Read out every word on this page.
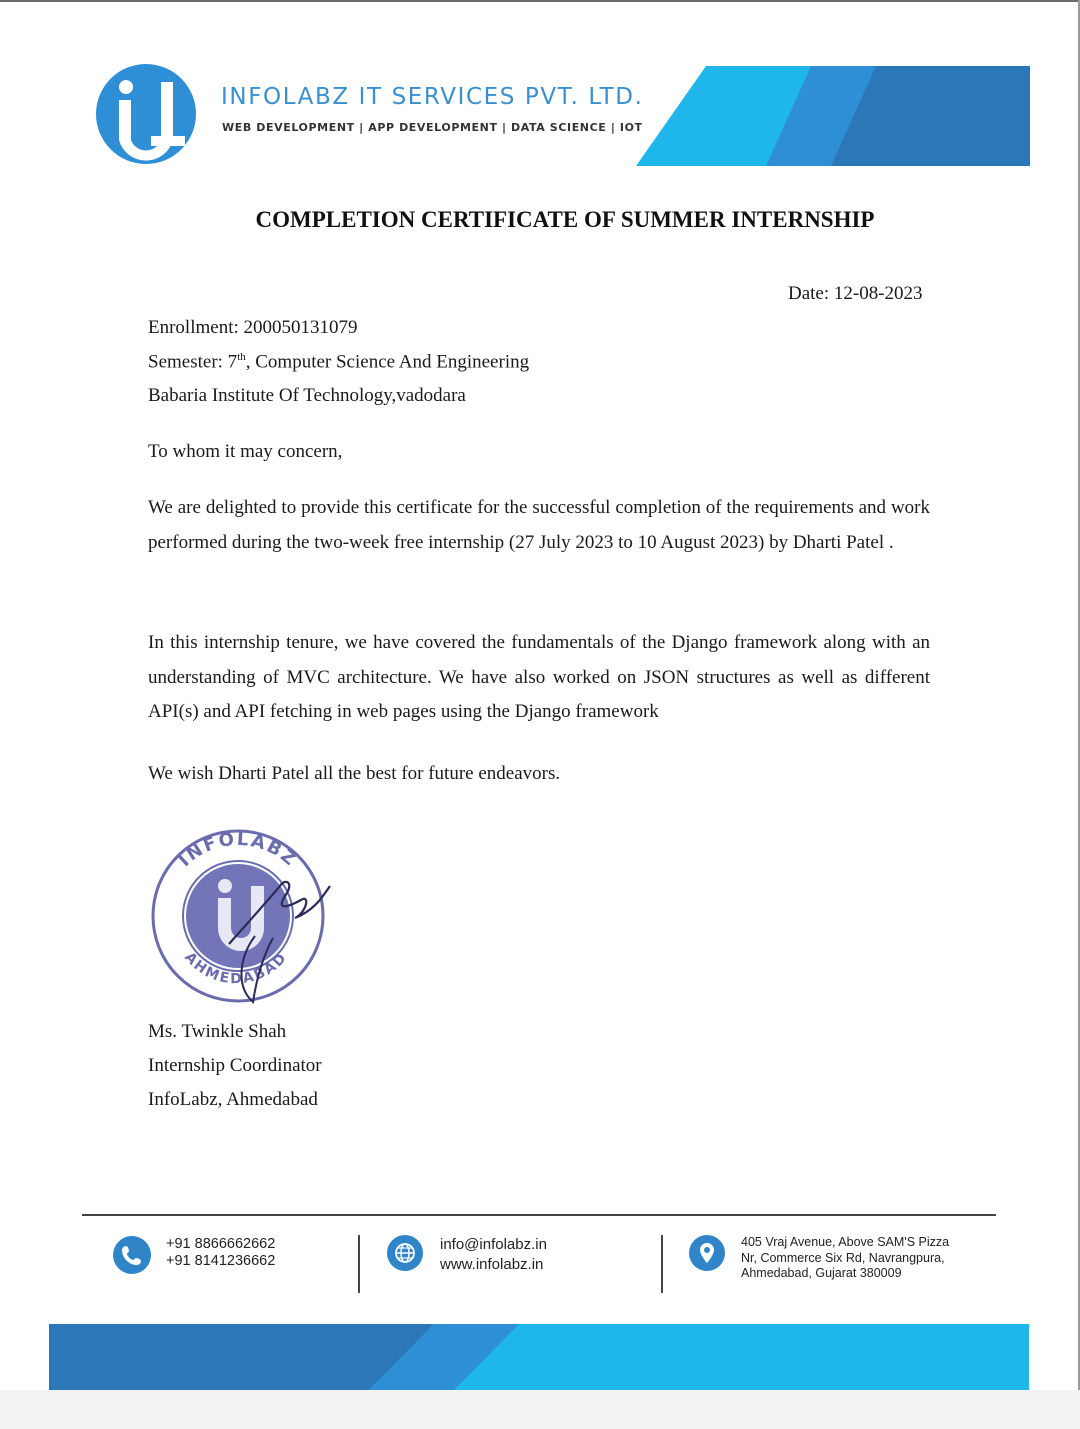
INFOLABZ IT SERVICES PVT. LTD.
WEB DEVELOPMENT | APP DEVELOPMENT | DATA SCIENCE | IOT
COMPLETION CERTIFICATE OF SUMMER INTERNSHIP
Date: 12-08-2023
Enrollment: 200050131079
Semester: 7th, Computer Science And Engineering
Babaria Institute Of Technology,vadodara
To whom it may concern,
We are delighted to provide this certificate for the successful completion of the requirements and work performed during the two-week free internship (27 July 2023 to 10 August 2023) by Dharti Patel .
In this internship tenure, we have covered the fundamentals of the Django framework along with an understanding of MVC architecture. We have also worked on JSON structures as well as different API(s) and API fetching in web pages using the Django framework
We wish Dharti Patel all the best for future endeavors.
INFOLABZ
AHMEDABAD
Ms. Twinkle Shah
Internship Coordinator
InfoLabz, Ahmedabad
+91 8866662662
+91 8141236662
info@infolabz.in
www.infolabz.in
405 Vraj Avenue, Above SAM'S Pizza
Nr, Commerce Six Rd, Navrangpura,
Ahmedabad, Gujarat 380009
